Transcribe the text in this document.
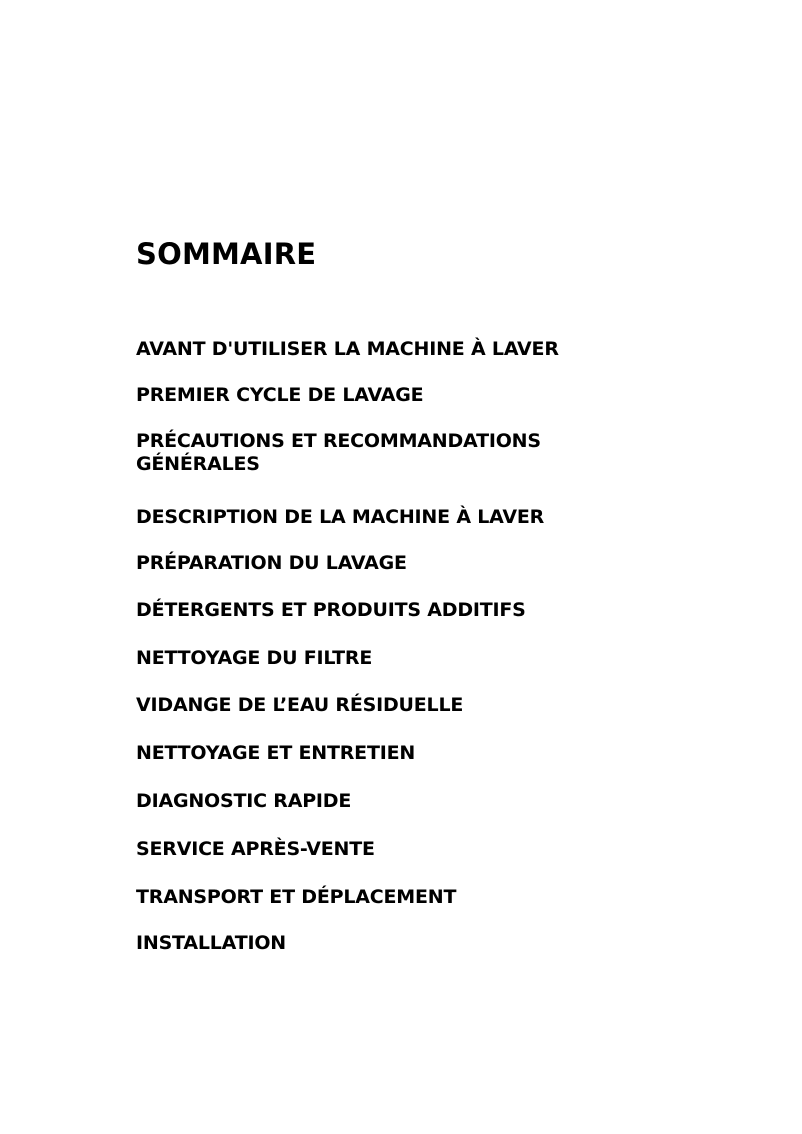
SOMMAIRE
AVANT D'UTILISER LA MACHINE À LAVER
PREMIER CYCLE DE LAVAGE
PRÉCAUTIONS ET RECOMMANDATIONS
GÉNÉRALES
DESCRIPTION DE LA MACHINE À LAVER
PRÉPARATION DU LAVAGE
DÉTERGENTS ET PRODUITS ADDITIFS
NETTOYAGE DU FILTRE
VIDANGE DE L’EAU RÉSIDUELLE
NETTOYAGE ET ENTRETIEN
DIAGNOSTIC RAPIDE
SERVICE APRÈS-VENTE
TRANSPORT ET DÉPLACEMENT
INSTALLATION
